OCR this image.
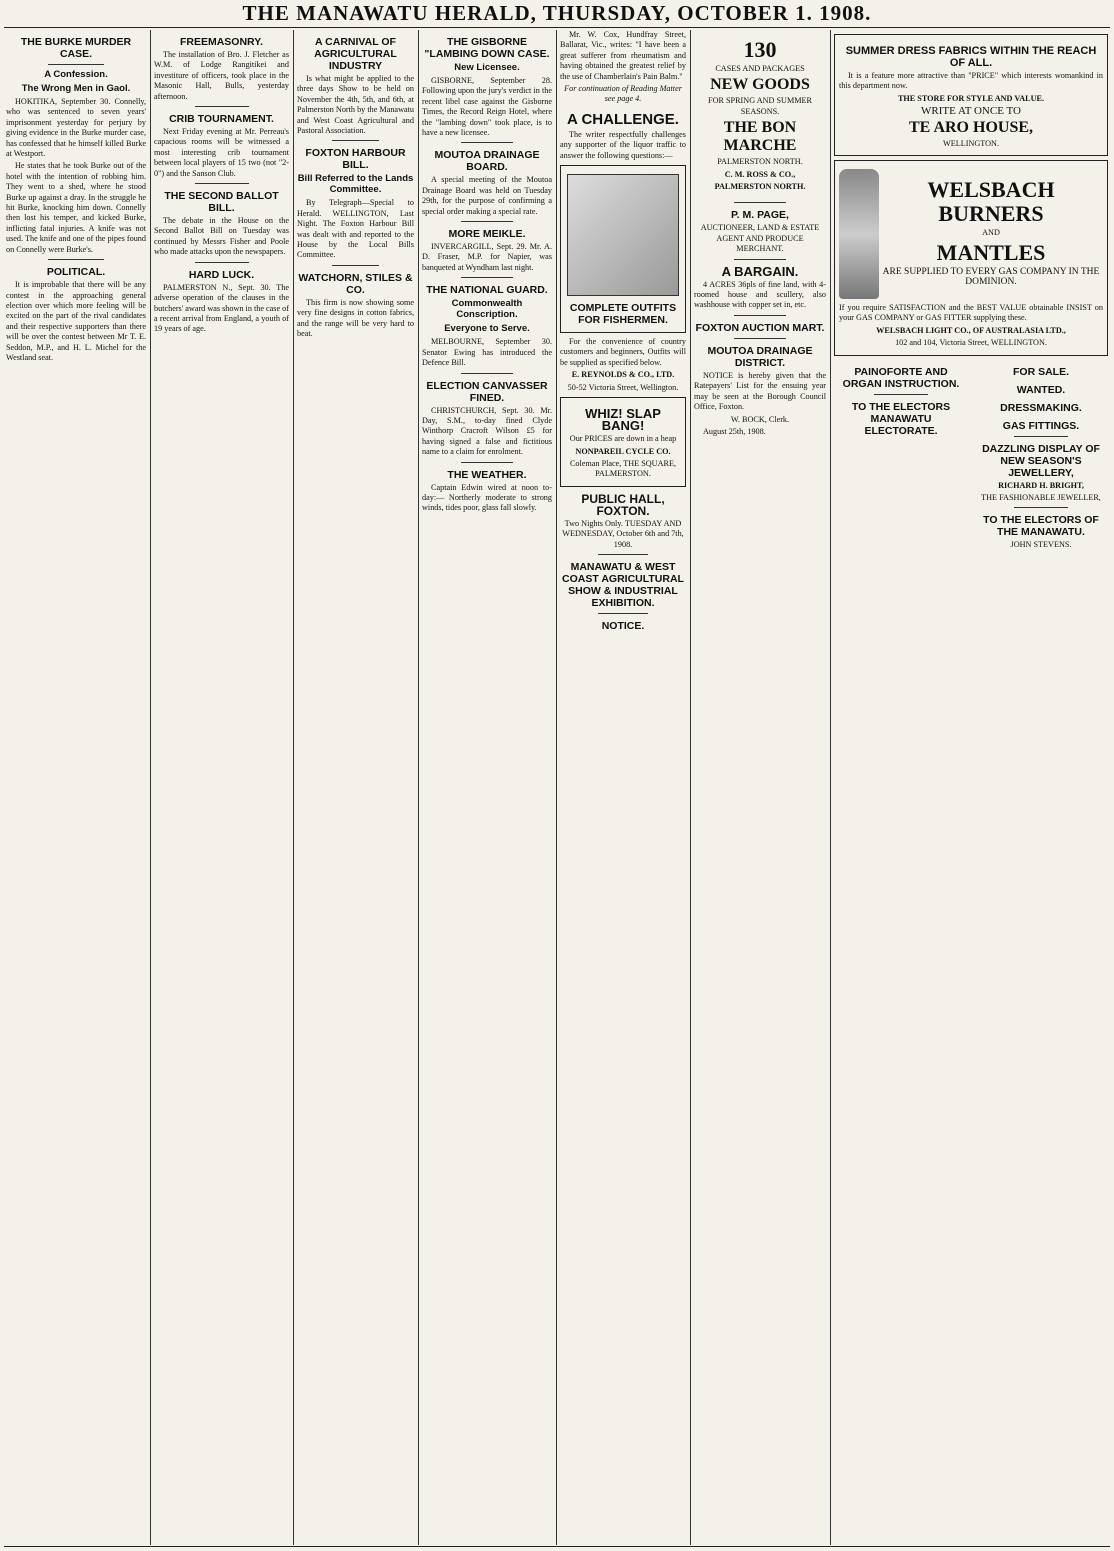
THE MANAWATU HERALD, THURSDAY, OCTOBER 1. 1908.
THE BURKE MURDER CASE.
A Confession.
The Wrong Men in Gaol.

HOKITIKA, September 30. Connelly, who was sentenced to seven years' imprisonment yesterday for perjury by giving evidence in the Burke murder case, has confessed that he himself killed Burke at Westport.

He states that he took Burke out of the hotel with the intention of robbing him. They went to a shed, where he stood Burke up against a dray. In the struggle he hit Burke, knocking him down. Connelly then lost his temper, and kicked Burke, inflicting fatal injuries. A knife was not used. The knife and one of the pipes found on Connelly were Burke's.

POLITICAL.

It is improbable that there will be any contest in the approaching general election over which more feeling will be excited on the part of the rival candidates and their respective supporters than there will be over the contest between Mr T. E. Seddon, M.P., and H. L. Michel for the Westland seat.

FREEMASONRY.

The installation of Bro. J. Fletcher as W.M. of Lodge Rangitikei and investiture of officers, took place in the Masonic Hall, Bulls, yesterday afternoon.

CRIB TOURNAMENT.

Next Friday evening at Mr. Perreau's capacious rooms will be witnessed a most interesting crib tournament between local players of 15 two (not "2-0") and the Sanson Club.

THE SECOND BALLOT BILL.

The debate in the House on the Second Ballot Bill on Tuesday was continued by Messrs Fisher and Poole who made attacks upon the newspapers.

HARD LUCK.

PALMERSTON N., Sept. 30. The adverse operation of the clauses in the butchers' award was shown in the case of a recent arrival from England, a youth of 19 years of age.

A CARNIVAL OF AGRICULTURAL INDUSTRY

Is what might be applied to the three days Show to be held on November the 4th, 5th, and 6th, at Palmerston North by the Manawatu and West Coast Agricultural and Pastoral Association.

FOXTON HARBOUR BILL.
Bill Referred to the Lands Committee.

By Telegraph—Special to Herald. WELLINGTON, Last Night. The Foxton Harbour Bill was dealt with and reported to the House by the Local Bills Committee.

WATCHORN, STILES & CO.

This firm is now showing some very fine designs in cotton fabrics, and the range will be very hard to beat.

THE GISBORNE "LAMBING DOWN CASE.
New Licensee.

GISBORNE, September 28. Following upon the jury's verdict in the recent libel case against the Gisborne Times, the Record Reign Hotel, where the "lambing down" took place, is to have a new licensee.

MOUTOA DRAINAGE BOARD.

A special meeting of the Moutoa Drainage Board was held on Tuesday 29th, for the purpose of confirming a special order making a special rate.

MORE MEIKLE.

INVERCARGILL, Sept. 29. Mr. A. D. Fraser, M.P. for Napier, was banqueted at Wyndham last night.

THE NATIONAL GUARD.
Commonwealth Conscription.
Everyone to Serve.

MELBOURNE, September 30. Senator Ewing has introduced the Defence Bill.

ELECTION CANVASSER FINED.

CHRISTCHURCH, Sept. 30. Mr. Day, S.M., to-day fined Clyde Winthorp Cracroft Wilson £5 for having signed a false and fictitious name to a claim for enrolment.

THE WEATHER.

Captain Edwin wired at noon to-day:— Northerly moderate to strong winds, tides poor, glass fall slowly.

Mr. W. Cox, Hundfray Street, Ballarat, Vic., writes: "I have been a great sufferer from rheumatism and having obtained the greatest relief by the use of Chamberlain's Pain Balm."

For continuation of Reading Matter see page 4.

A CHALLENGE.

The writer respectfully challenges any supporter of the liquor traffic to answer the following questions:—

COMPLETE OUTFITS FOR FISHERMEN.

For the convenience of country customers and beginners, Outfits will be supplied as specified below.

E. REYNOLDS & CO., LTD.

50-52 Victoria Street, Wellington.

WHIZ! SLAP BANG!

Our PRICES are down in a heap

NONPAREIL CYCLE CO.

Coleman Place, THE SQUARE, PALMERSTON.

PUBLIC HALL, FOXTON.

Two Nights Only. TUESDAY AND WEDNESDAY, October 6th and 7th, 1908.

MANAWATU & WEST COAST AGRICULTURAL SHOW & INDUSTRIAL EXHIBITION.
NOTICE.

130

CASES AND PACKAGES

NEW GOODS

FOR SPRING AND SUMMER SEASONS.

THE BON MARCHE

PALMERSTON NORTH.

C. M. ROSS & CO.,

PALMERSTON NORTH.

P. M. PAGE,

AUCTIONEER, LAND & ESTATE AGENT AND PRODUCE MERCHANT.

A BARGAIN.

4 ACRES 36pls of fine land, with 4-roomed house and scullery, also washhouse with copper set in, etc.

FOXTON AUCTION MART.
MOUTOA DRAINAGE DISTRICT.

NOTICE is hereby given that the Ratepayers' List for the ensuing year may be seen at the Borough Council Office, Foxton.

W. BOCK, Clerk.

August 25th, 1908.

SUMMER DRESS FABRICS WITHIN THE REACH OF ALL.

It is a feature more attractive than "PRICE" which interests womankind in this department now.

THE STORE FOR STYLE AND VALUE.

WRITE AT ONCE TO

TE ARO HOUSE,

WELLINGTON.

WELSBACH BURNERS

AND

MANTLES

ARE SUPPLIED TO EVERY GAS COMPANY IN THE DOMINION.

If you require SATISFACTION and the BEST VALUE obtainable INSIST on your GAS COMPANY or GAS FITTER supplying these.

WELSBACH LIGHT CO., OF AUSTRALASIA LTD.,

102 and 104, Victoria Street, WELLINGTON.

PAINOFORTE AND ORGAN INSTRUCTION.
TO THE ELECTORS MANAWATU ELECTORATE.
FOR SALE.
WANTED.
DRESSMAKING.
GAS FITTINGS.
DAZZLING DISPLAY OF NEW SEASON'S JEWELLERY,

RICHARD H. BRIGHT,

THE FASHIONABLE JEWELLER,

TO THE ELECTORS OF THE MANAWATU.

JOHN STEVENS.
